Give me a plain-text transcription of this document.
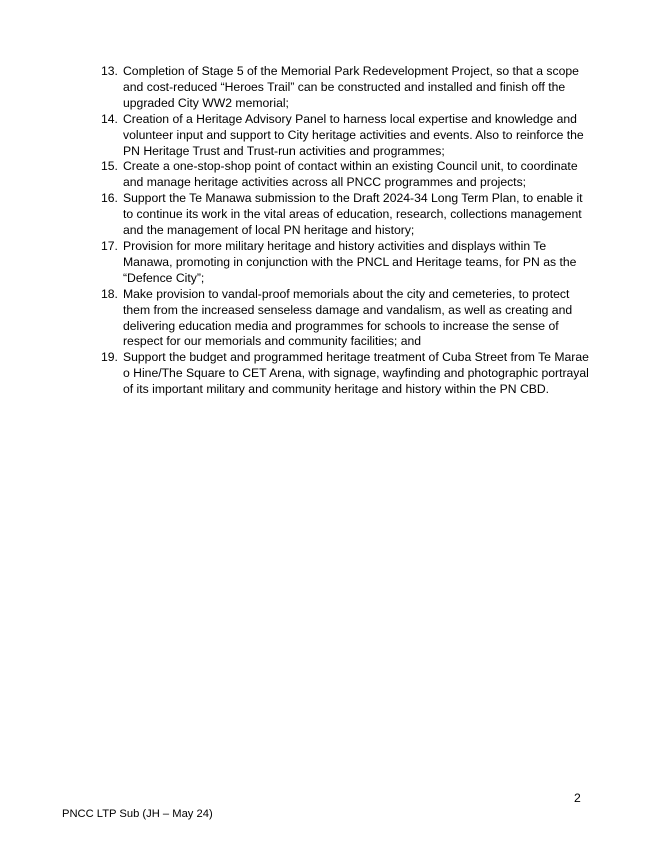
13. Completion of Stage 5 of the Memorial Park Redevelopment Project, so that a scope and cost-reduced “Heroes Trail” can be constructed and installed and finish off the upgraded City WW2 memorial;
14. Creation of a Heritage Advisory Panel to harness local expertise and knowledge and volunteer input and support to City heritage activities and events. Also to reinforce the PN Heritage Trust and Trust-run activities and programmes;
15. Create a one-stop-shop point of contact within an existing Council unit, to coordinate and manage heritage activities across all PNCC programmes and projects;
16. Support the Te Manawa submission to the Draft 2024-34 Long Term Plan, to enable it to continue its work in the vital areas of education, research, collections management and the management of local PN heritage and history;
17. Provision for more military heritage and history activities and displays within Te Manawa, promoting in conjunction with the PNCL and Heritage teams, for PN as the “Defence City”;
18. Make provision to vandal-proof memorials about the city and cemeteries, to protect them from the increased senseless damage and vandalism, as well as creating and delivering education media and programmes for schools to increase the sense of respect for our memorials and community facilities; and
19. Support the budget and programmed heritage treatment of Cuba Street from Te Marae o Hine/The Square to CET Arena, with signage, wayfinding and photographic portrayal of its important military and community heritage and history within the PN CBD.
2
PNCC LTP Sub (JH – May 24)
